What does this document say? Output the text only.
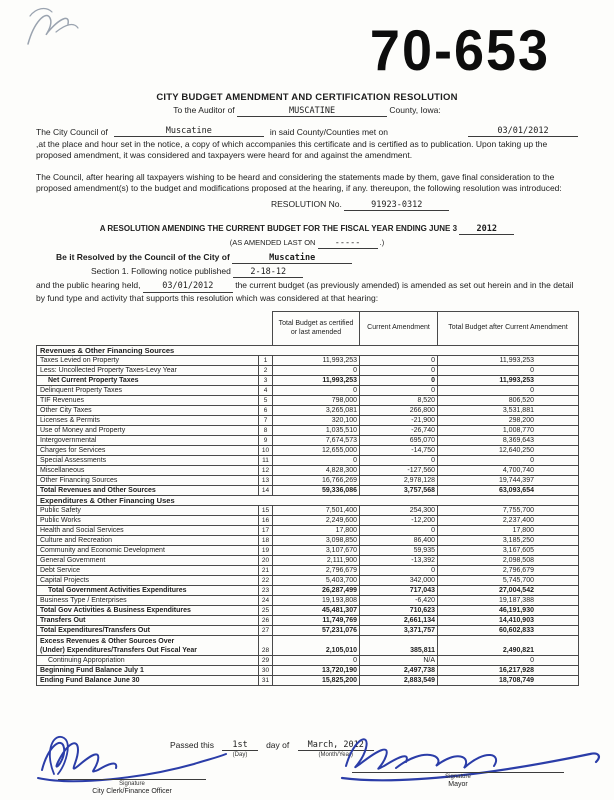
70-653
CITY BUDGET AMENDMENT AND CERTIFICATION RESOLUTION
To the Auditor of	MUSCATINE	County, Iowa:
The City Council of	Muscatine	in said County/Counties met on	03/01/2012
,at the place and hour set in the notice, a copy of which accompanies this certificate and is certified as to publication. Upon taking up the proposed amendment, it was considered and taxpayers were heard for and against the amendment.
The Council, after hearing all taxpayers wishing to be heard and considering the statements made by them, gave final consideration to the proposed amendment(s) to the budget and modifications proposed at the hearing, if any. thereupon, the following resolution was introduced:
RESOLUTION No.	91923-0312
A RESOLUTION AMENDING THE CURRENT BUDGET FOR THE FISCAL YEAR ENDING JUNE 3 2012
(AS AMENDED LAST ON -----	.)
Be it Resolved by the Council of the City of	Muscatine
Section 1. Following notice published 2-18-12
and the public hearing held,	03/01/2012	the current budget (as previously amended) is amended as set out herein and in the detail by fund type and activity that supports this resolution which was considered at that hearing:
		Total Budget as certified or last amended	Current Amendment	Total Budget after Current Amendment
Revenues & Other Financing Sources				
Taxes Levied on Property	1	11,993,253	0	11,993,253
Less: Uncollected Property Taxes-Levy Year	2	0	0	0
Net Current Property Taxes	3	11,993,253	0	11,993,253
Delinquent Property Taxes	4	0	0	0
TIF Revenues	5	798,000	8,520	806,520
Other City Taxes	6	3,265,081	266,800	3,531,881
Licenses & Permits	7	320,100	-21,900	298,200
Use of Money and Property	8	1,035,510	-26,740	1,008,770
Intergovernmental	9	7,674,573	695,070	8,369,643
Charges for Services	10	12,655,000	-14,750	12,640,250
Special Assessments	11	0	0	0
Miscellaneous	12	4,828,300	-127,560	4,700,740
Other Financing Sources	13	16,766,269	2,978,128	19,744,397
Total Revenues and Other Sources	14	59,336,086	3,757,568	63,093,654
Expenditures & Other Financing Uses				
Public Safety	15	7,501,400	254,300	7,755,700
Public Works	16	2,249,600	-12,200	2,237,400
Health and Social Services	17	17,800	0	17,800
Culture and Recreation	18	3,098,850	86,400	3,185,250
Community and Economic Development	19	3,107,670	59,935	3,167,605
General Government	20	2,111,900	-13,392	2,098,508
Debt Service	21	2,796,679	0	2,796,679
Capital Projects	22	5,403,700	342,000	5,745,700
Total Government Activities Expenditures	23	26,287,499	717,043	27,004,542
Business Type / Enterprises	24	19,193,808	-6,420	19,187,388
Total Gov Activities & Business Expenditures	25	45,481,307	710,623	46,191,930
Transfers Out	26	11,749,769	2,661,134	14,410,903
Total Expenditures/Transfers Out	27	57,231,076	3,371,757	60,602,833

Excess Revenues & Other Sources Over
(Under) Expenditures/Transfers Out Fiscal Year	28	2,105,010	385,811	2,490,821
Continuing Appropriation	29	0	N/A	0
Beginning Fund Balance July 1	30	13,720,190	2,497,738	16,217,928
Ending Fund Balance June 30	31	15,825,200	2,883,549	18,708,749
Passed this	1st
(Day)
day of	March, 2012
(Month/Year)
Signature
City Clerk/Finance Officer
Signature
Mayor
